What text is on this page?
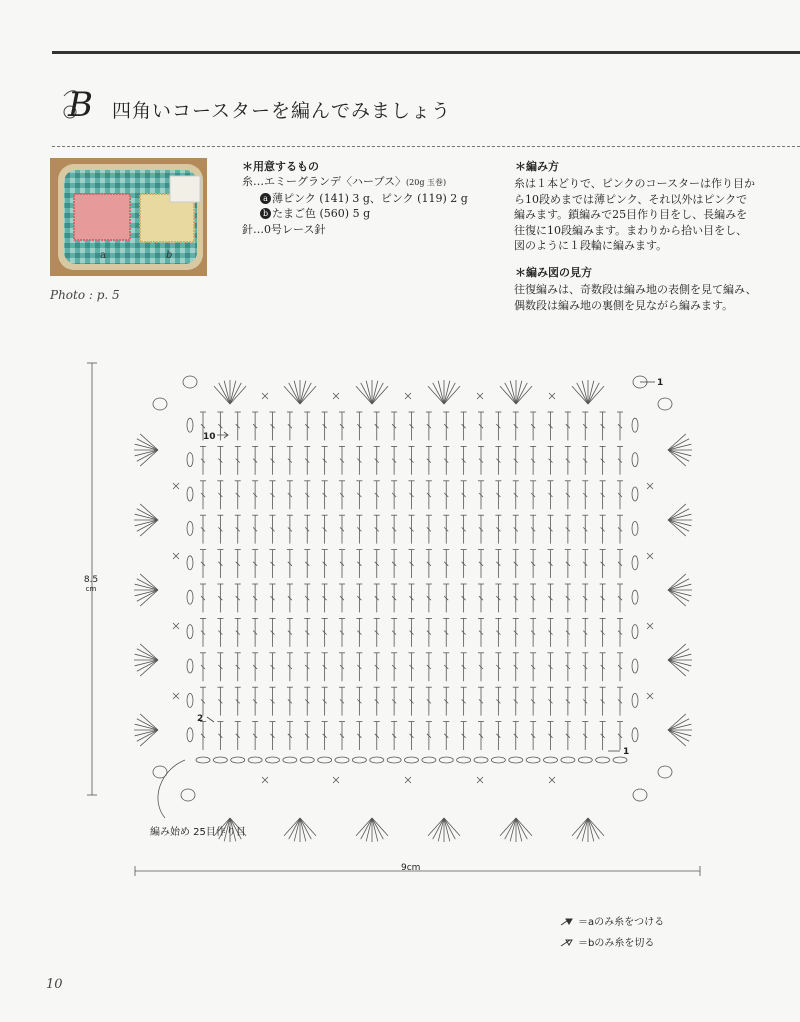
B 四角いコースターを編んでみましょう
a	b
Photo : p. 5
＊用意するもの
糸…エミーグランデ〈ハーブス〉(20g 玉巻)
a 薄ピンク (141) 3 g、ピンク (119) 2 g
b たまご色 (560) 5 g
針…0号レース針
＊編み方
糸は１本どりで、ピンクのコースターは作り目か
ら10段めまでは薄ピンク、それ以外はピンクで
編みます。鎖編みで25目作り目をし、長編みを
往復に10段編みます。まわりから拾い目をし、
図のように１段輪に編みます。
＊編み図の見方
往復編みは、奇数段は編み地の表側を見て編み、
偶数段は編み地の裏側を見ながら編みます。
10
2
1
1
8.5
cm
9cm
編み始め 25目作り目
＝aのみ糸をつける
＝bのみ糸を切る
10
